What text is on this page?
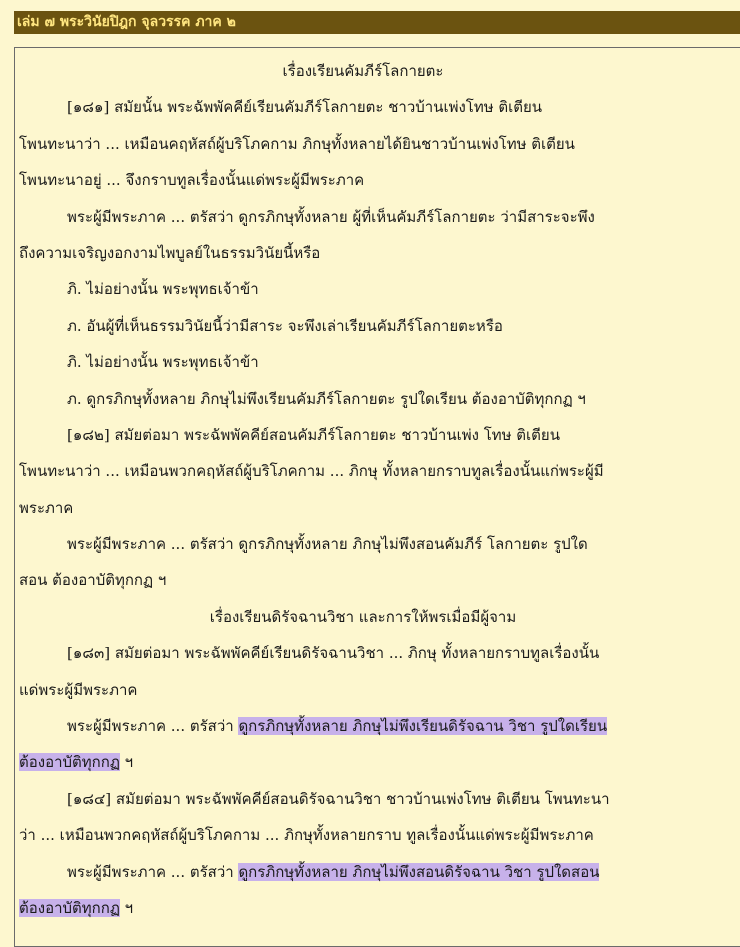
เล่ม ๗ พระวินัยปิฎก จุลวรรค ภาค ๒
เรื่องเรียนคัมภีร์โลกายตะ
[๑๘๑] สมัยนั้น พระฉัพพัคคีย์เรียนคัมภีร์โลกายตะ ชาวบ้านเพ่งโทษ ติเตียน
โพนทะนาว่า ... เหมือนคฤหัสถ์ผู้บริโภคกาม ภิกษุทั้งหลายได้ยินชาวบ้านเพ่งโทษ ติเตียน
โพนทะนาอยู่ ... จึงกราบทูลเรื่องนั้นแด่พระผู้มีพระภาค
พระผู้มีพระภาค ... ตรัสว่า ดูกรภิกษุทั้งหลาย ผู้ที่เห็นคัมภีร์โลกายตะ ว่ามีสาระจะพึง
ถึงความเจริญงอกงามไพบูลย์ในธรรมวินัยนี้หรือ
ภิ. ไม่อย่างนั้น พระพุทธเจ้าข้า
ภ. อันผู้ที่เห็นธรรมวินัยนี้ว่ามีสาระ จะพึงเล่าเรียนคัมภีร์โลกายตะหรือ
ภิ. ไม่อย่างนั้น พระพุทธเจ้าข้า
ภ. ดูกรภิกษุทั้งหลาย ภิกษุไม่พึงเรียนคัมภีร์โลกายตะ รูปใดเรียน ต้องอาบัติทุกกฏ ฯ
[๑๘๒] สมัยต่อมา พระฉัพพัคคีย์สอนคัมภีร์โลกายตะ ชาวบ้านเพ่ง โทษ ติเตียน
โพนทะนาว่า ... เหมือนพวกคฤหัสถ์ผู้บริโภคกาม ... ภิกษุ ทั้งหลายกราบทูลเรื่องนั้นแก่พระผู้มี
พระภาค
พระผู้มีพระภาค ... ตรัสว่า ดูกรภิกษุทั้งหลาย ภิกษุไม่พึงสอนคัมภีร์ โลกายตะ รูปใด
สอน ต้องอาบัติทุกกฏ ฯ
เรื่องเรียนดิรัจฉานวิชา และการให้พรเมื่อมีผู้จาม
[๑๘๓] สมัยต่อมา พระฉัพพัคคีย์เรียนดิรัจฉานวิชา ... ภิกษุ ทั้งหลายกราบทูลเรื่องนั้น
แด่พระผู้มีพระภาค
พระผู้มีพระภาค ... ตรัสว่า ดูกรภิกษุทั้งหลาย ภิกษุไม่พึงเรียนดิรัจฉาน วิชา รูปใดเรียน
ต้องอาบัติทุกกฏ ฯ
[๑๘๔] สมัยต่อมา พระฉัพพัคคีย์สอนดิรัจฉานวิชา ชาวบ้านเพ่งโทษ ติเตียน โพนทะนา
ว่า ... เหมือนพวกคฤหัสถ์ผู้บริโภคกาม ... ภิกษุทั้งหลายกราบ ทูลเรื่องนั้นแด่พระผู้มีพระภาค
พระผู้มีพระภาค ... ตรัสว่า ดูกรภิกษุทั้งหลาย ภิกษุไม่พึงสอนดิรัจฉาน วิชา รูปใดสอน
ต้องอาบัติทุกกฏ ฯ
